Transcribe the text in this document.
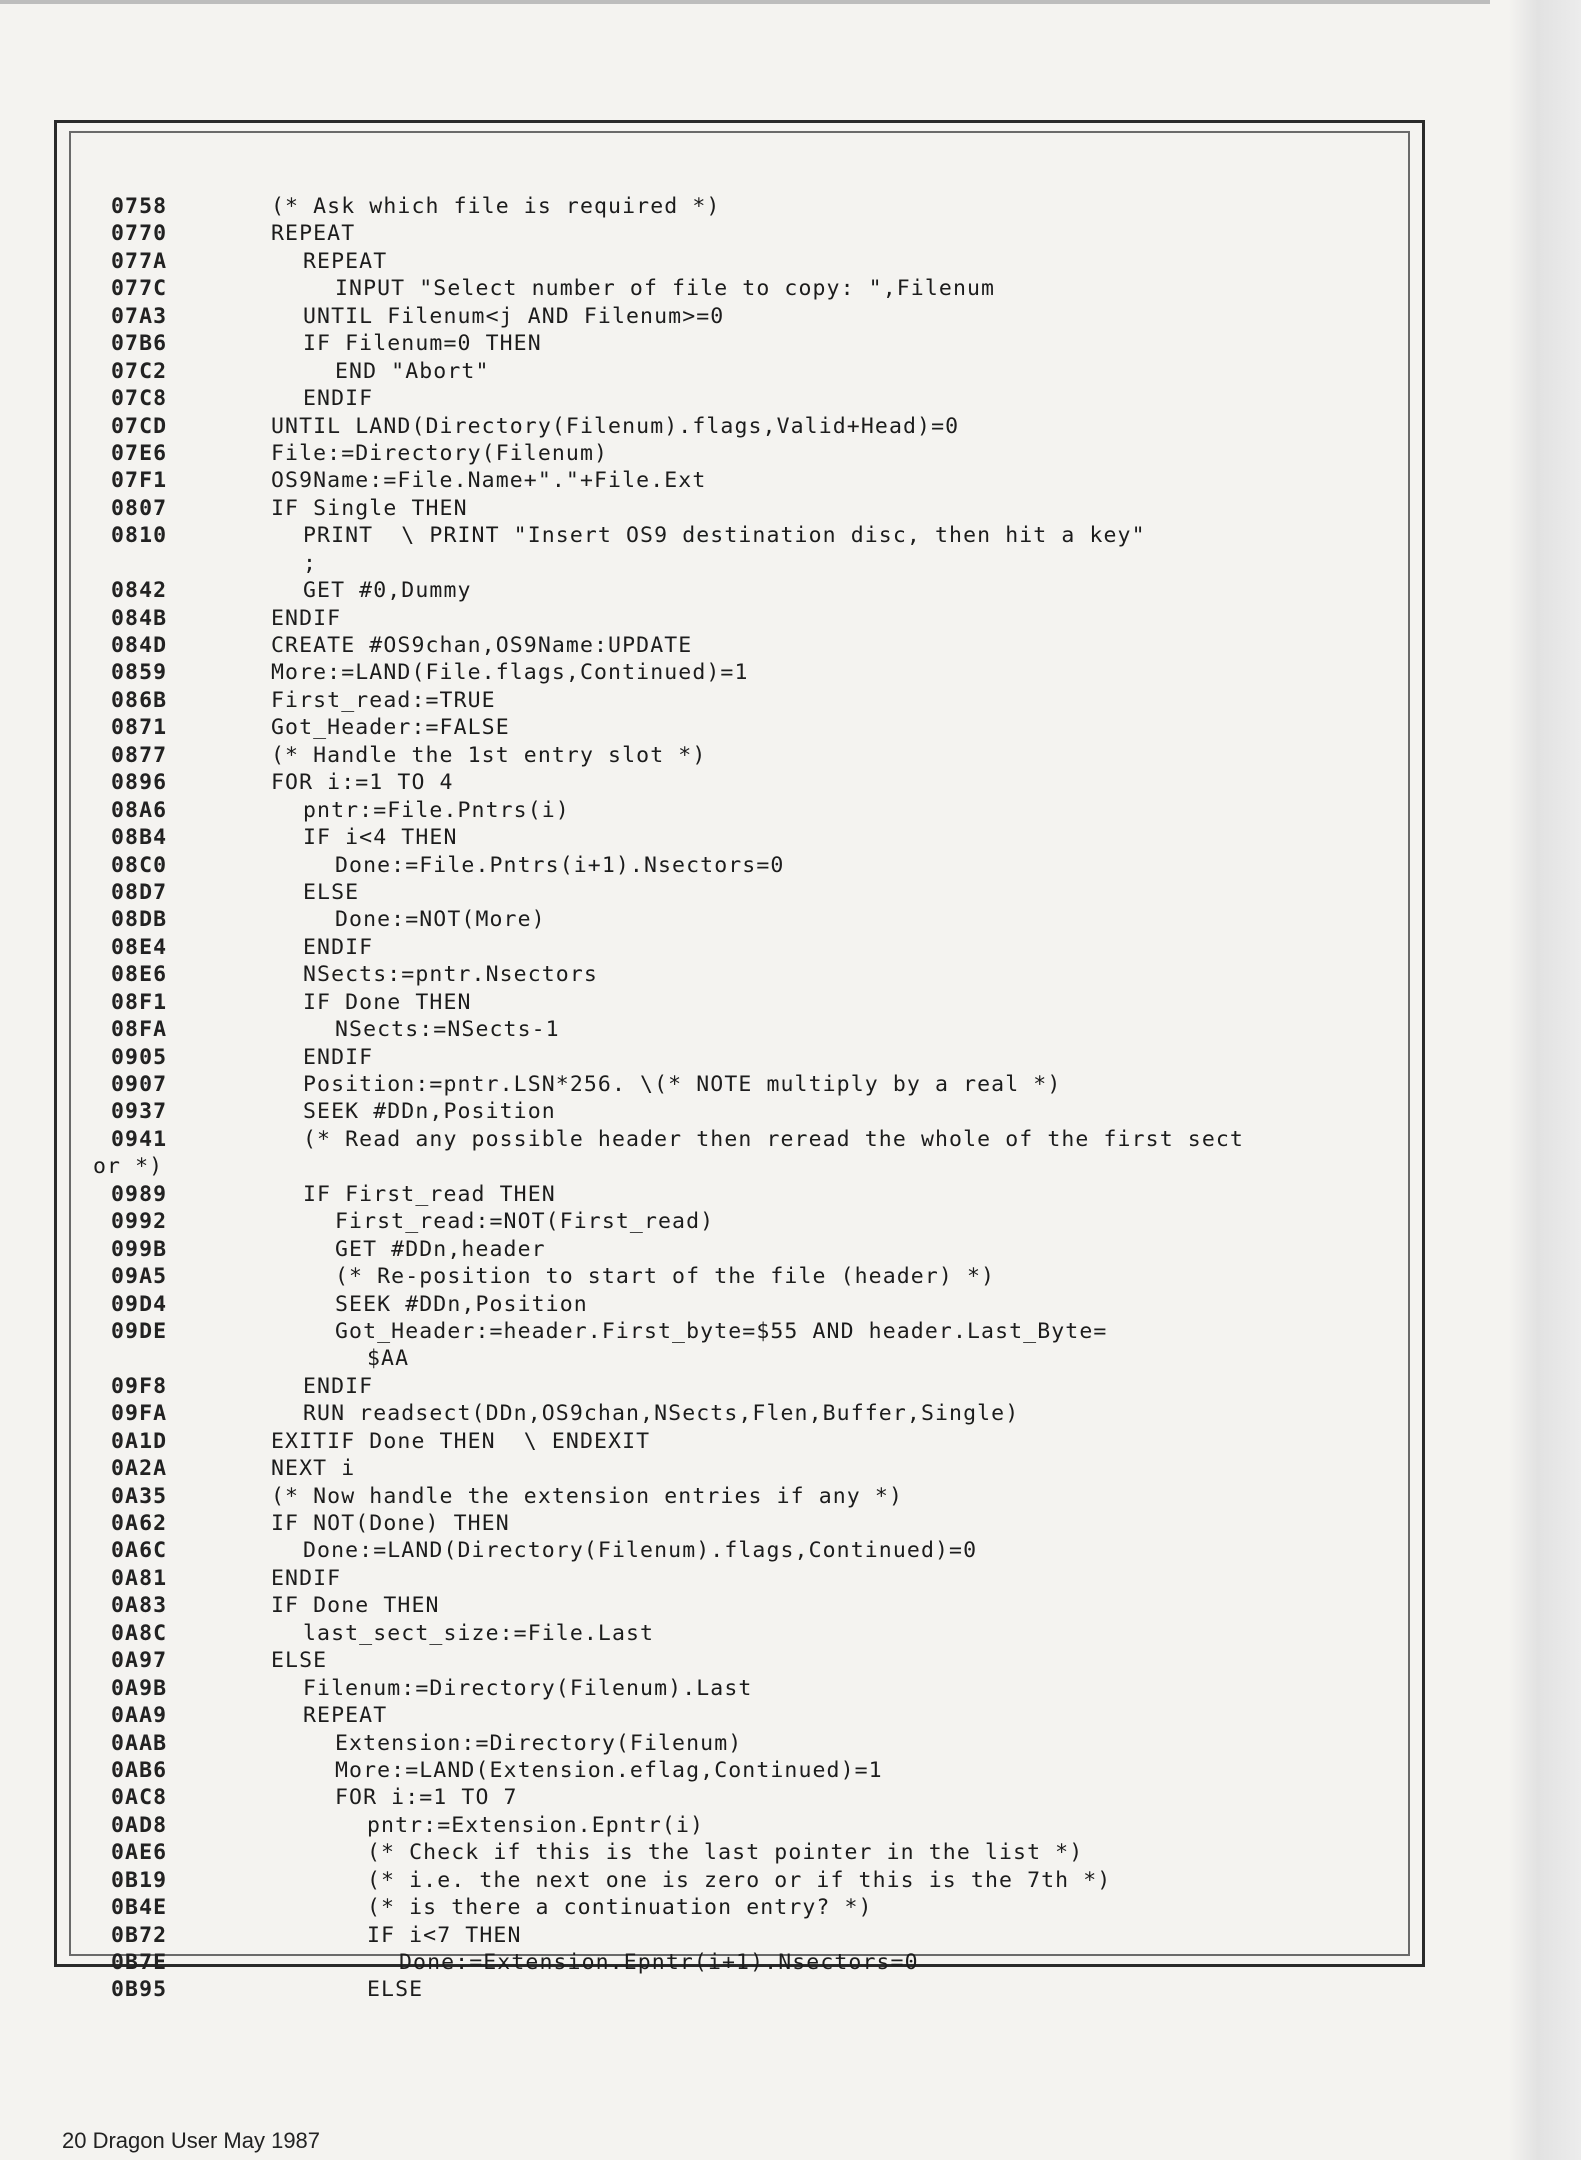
0758	(* Ask which file is required *)
0770	REPEAT
077A	REPEAT
077C	INPUT "Select number of file to copy: ",Filenum
07A3	UNTIL Filenum<j AND Filenum>=0
07B6	IF Filenum=0 THEN
07C2	END "Abort"
07C8	ENDIF
07CD	UNTIL LAND(Directory(Filenum).flags,Valid+Head)=0
07E6	File:=Directory(Filenum)
07F1	OS9Name:=File.Name+"."+File.Ext
0807	IF Single THEN
0810	PRINT  \ PRINT "Insert OS9 destination disc, then hit a key"
;
0842	GET #0,Dummy
084B	ENDIF
084D	CREATE #OS9chan,OS9Name:UPDATE
0859	More:=LAND(File.flags,Continued)=1
086B	First_read:=TRUE
0871	Got_Header:=FALSE
0877	(* Handle the 1st entry slot *)
0896	FOR i:=1 TO 4
08A6	pntr:=File.Pntrs(i)
08B4	IF i<4 THEN
08C0	Done:=File.Pntrs(i+1).Nsectors=0
08D7	ELSE
08DB	Done:=NOT(More)
08E4	ENDIF
08E6	NSects:=pntr.Nsectors
08F1	IF Done THEN
08FA	NSects:=NSects-1
0905	ENDIF
0907	Position:=pntr.LSN*256. \(* NOTE multiply by a real *)
0937	SEEK #DDn,Position
0941	(* Read any possible header then reread the whole of the first sect
or *)
0989	IF First_read THEN
0992	First_read:=NOT(First_read)
099B	GET #DDn,header
09A5	(* Re-position to start of the file (header) *)
09D4	SEEK #DDn,Position
09DE	Got_Header:=header.First_byte=$55 AND header.Last_Byte=
$AA
09F8	ENDIF
09FA	RUN readsect(DDn,OS9chan,NSects,Flen,Buffer,Single)
0A1D	EXITIF Done THEN  \ ENDEXIT
0A2A	NEXT i
0A35	(* Now handle the extension entries if any *)
0A62	IF NOT(Done) THEN
0A6C	Done:=LAND(Directory(Filenum).flags,Continued)=0
0A81	ENDIF
0A83	IF Done THEN
0A8C	last_sect_size:=File.Last
0A97	ELSE
0A9B	Filenum:=Directory(Filenum).Last
0AA9	REPEAT
0AAB	Extension:=Directory(Filenum)
0AB6	More:=LAND(Extension.eflag,Continued)=1
0AC8	FOR i:=1 TO 7
0AD8	pntr:=Extension.Epntr(i)
0AE6	(* Check if this is the last pointer in the list *)
0B19	(* i.e. the next one is zero or if this is the 7th *)
0B4E	(* is there a continuation entry? *)
0B72	IF i<7 THEN
0B7E	Done:=Extension.Epntr(i+1).Nsectors=0
0B95	ELSE
20 Dragon User May 1987
